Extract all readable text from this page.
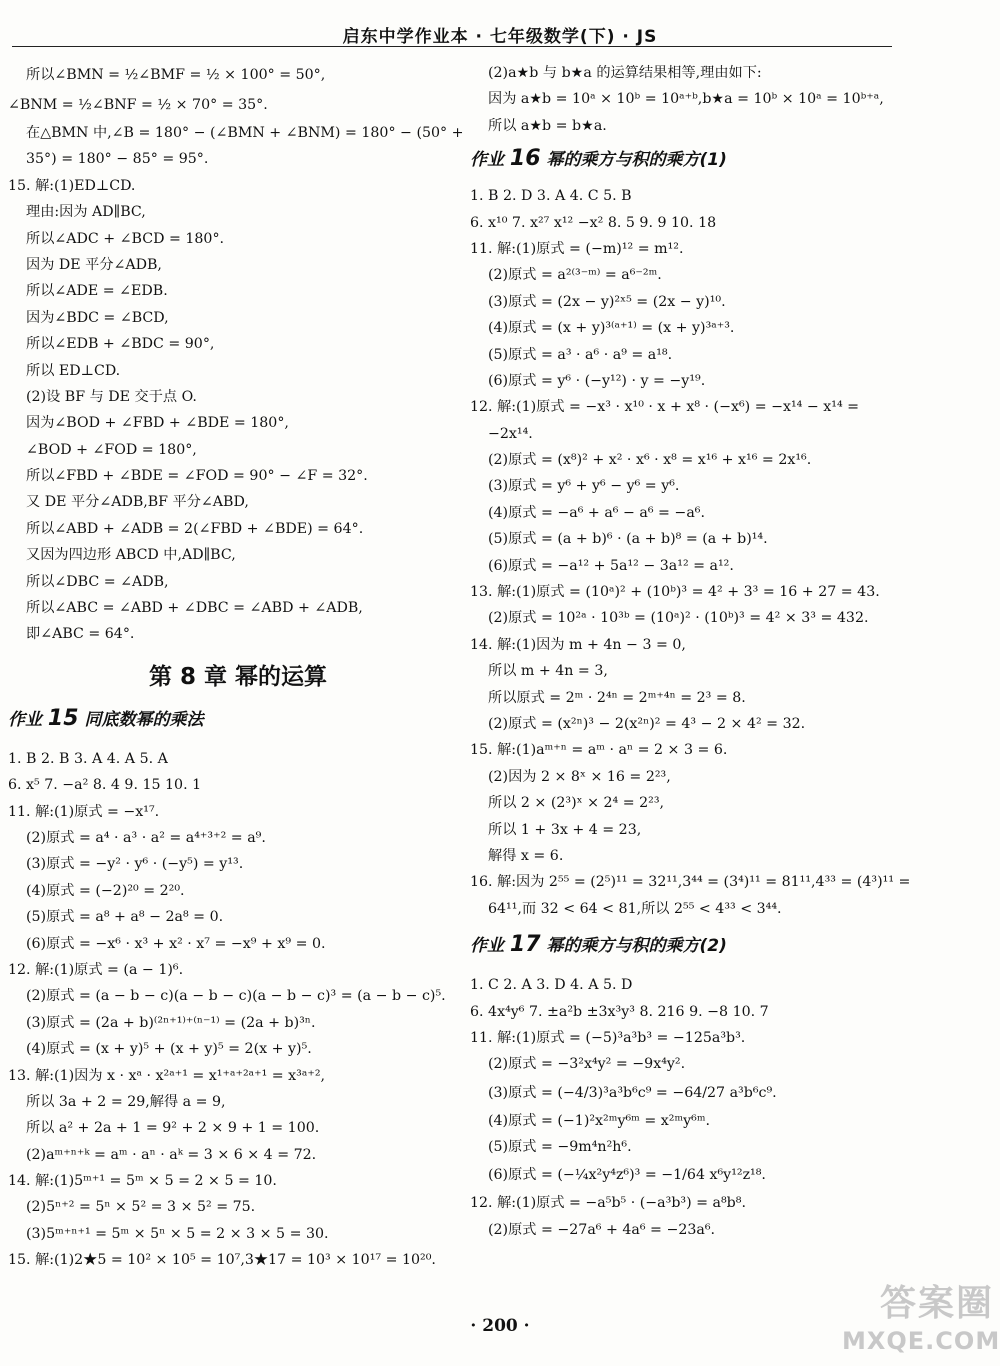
启东中学作业本 · 七年级数学(下) · JS
所以∠BMN = ½∠BMF = ½ × 100° = 50°,
∠BNM = ½∠BNF = ½ × 70° = 35°.
在△BMN 中,∠B = 180° − (∠BMN + ∠BNM) = 180° − (50° +
35°) = 180° − 85° = 95°.
15. 解:(1)ED⊥CD.
理由:因为 AD∥BC,
所以∠ADC + ∠BCD = 180°.
因为 DE 平分∠ADB,
所以∠ADE = ∠EDB.
因为∠BDC = ∠BCD,
所以∠EDB + ∠BDC = 90°,
所以 ED⊥CD.
(2)设 BF 与 DE 交于点 O.
因为∠BOD + ∠FBD + ∠BDE = 180°,
∠BOD + ∠FOD = 180°,
所以∠FBD + ∠BDE = ∠FOD = 90° − ∠F = 32°.
又 DE 平分∠ADB,BF 平分∠ABD,
所以∠ABD + ∠ADB = 2(∠FBD + ∠BDE) = 64°.
又因为四边形 ABCD 中,AD∥BC,
所以∠DBC = ∠ADB,
所以∠ABC = ∠ABD + ∠DBC = ∠ABD + ∠ADB,
即∠ABC = 64°.
第 8 章 幂的运算
作业 15 同底数幂的乘法
1. B 2. B 3. A 4. A 5. A
6. x⁵ 7. −a² 8. 4 9. 15 10. 1
11. 解:(1)原式 = −x¹⁷.
(2)原式 = a⁴ · a³ · a² = a⁴⁺³⁺² = a⁹.
(3)原式 = −y² · y⁶ · (−y⁵) = y¹³.
(4)原式 = (−2)²⁰ = 2²⁰.
(5)原式 = a⁸ + a⁸ − 2a⁸ = 0.
(6)原式 = −x⁶ · x³ + x² · x⁷ = −x⁹ + x⁹ = 0.
12. 解:(1)原式 = (a − 1)⁶.
(2)原式 = (a − b − c)(a − b − c)(a − b − c)³ = (a − b − c)⁵.
(3)原式 = (2a + b)⁽²ⁿ⁺¹⁾⁺⁽ⁿ⁻¹⁾ = (2a + b)³ⁿ.
(4)原式 = (x + y)⁵ + (x + y)⁵ = 2(x + y)⁵.
13. 解:(1)因为 x · xᵃ · x²ᵃ⁺¹ = x¹⁺ᵃ⁺²ᵃ⁺¹ = x³ᵃ⁺²,
所以 3a + 2 = 29,解得 a = 9,
所以 a² + 2a + 1 = 9² + 2 × 9 + 1 = 100.
(2)aᵐ⁺ⁿ⁺ᵏ = aᵐ · aⁿ · aᵏ = 3 × 6 × 4 = 72.
14. 解:(1)5ᵐ⁺¹ = 5ᵐ × 5 = 2 × 5 = 10.
(2)5ⁿ⁺² = 5ⁿ × 5² = 3 × 5² = 75.
(3)5ᵐ⁺ⁿ⁺¹ = 5ᵐ × 5ⁿ × 5 = 2 × 3 × 5 = 30.
15. 解:(1)2★5 = 10² × 10⁵ = 10⁷,3★17 = 10³ × 10¹⁷ = 10²⁰.
(2)a★b 与 b★a 的运算结果相等,理由如下:
因为 a★b = 10ᵃ × 10ᵇ = 10ᵃ⁺ᵇ,b★a = 10ᵇ × 10ᵃ = 10ᵇ⁺ᵃ,
所以 a★b = b★a.
作业 16 幂的乘方与积的乘方(1)
1. B 2. D 3. A 4. C 5. B
6. x¹⁰ 7. x²⁷ x¹² −x² 8. 5 9. 9 10. 18
11. 解:(1)原式 = (−m)¹² = m¹².
(2)原式 = a²⁽³⁻ᵐ⁾ = a⁶⁻²ᵐ.
(3)原式 = (2x − y)²ˣ⁵ = (2x − y)¹⁰.
(4)原式 = (x + y)³⁽ᵃ⁺¹⁾ = (x + y)³ᵃ⁺³.
(5)原式 = a³ · a⁶ · a⁹ = a¹⁸.
(6)原式 = y⁶ · (−y¹²) · y = −y¹⁹.
12. 解:(1)原式 = −x³ · x¹⁰ · x + x⁸ · (−x⁶) = −x¹⁴ − x¹⁴ =
−2x¹⁴.
(2)原式 = (x⁸)² + x² · x⁶ · x⁸ = x¹⁶ + x¹⁶ = 2x¹⁶.
(3)原式 = y⁶ + y⁶ − y⁶ = y⁶.
(4)原式 = −a⁶ + a⁶ − a⁶ = −a⁶.
(5)原式 = (a + b)⁶ · (a + b)⁸ = (a + b)¹⁴.
(6)原式 = −a¹² + 5a¹² − 3a¹² = a¹².
13. 解:(1)原式 = (10ᵃ)² + (10ᵇ)³ = 4² + 3³ = 16 + 27 = 43.
(2)原式 = 10²ᵃ · 10³ᵇ = (10ᵃ)² · (10ᵇ)³ = 4² × 3³ = 432.
14. 解:(1)因为 m + 4n − 3 = 0,
所以 m + 4n = 3,
所以原式 = 2ᵐ · 2⁴ⁿ = 2ᵐ⁺⁴ⁿ = 2³ = 8.
(2)原式 = (x²ⁿ)³ − 2(x²ⁿ)² = 4³ − 2 × 4² = 32.
15. 解:(1)aᵐ⁺ⁿ = aᵐ · aⁿ = 2 × 3 = 6.
(2)因为 2 × 8ˣ × 16 = 2²³,
所以 2 × (2³)ˣ × 2⁴ = 2²³,
所以 1 + 3x + 4 = 23,
解得 x = 6.
16. 解:因为 2⁵⁵ = (2⁵)¹¹ = 32¹¹,3⁴⁴ = (3⁴)¹¹ = 81¹¹,4³³ = (4³)¹¹ =
64¹¹,而 32 < 64 < 81,所以 2⁵⁵ < 4³³ < 3⁴⁴.
作业 17 幂的乘方与积的乘方(2)
1. C 2. A 3. D 4. A 5. D
6. 4x⁴y⁶ 7. ±a²b ±3x³y³ 8. 216 9. −8 10. 7
11. 解:(1)原式 = (−5)³a³b³ = −125a³b³.
(2)原式 = −3²x⁴y² = −9x⁴y².
(3)原式 = (−4/3)³a³b⁶c⁹ = −64/27 a³b⁶c⁹.
(4)原式 = (−1)²x²ᵐy⁶ᵐ = x²ᵐy⁶ᵐ.
(5)原式 = −9m⁴n²h⁶.
(6)原式 = (−¼x²y⁴z⁶)³ = −1/64 x⁶y¹²z¹⁸.
12. 解:(1)原式 = −a⁵b⁵ · (−a³b³) = a⁸b⁸.
(2)原式 = −27a⁶ + 4a⁶ = −23a⁶.
· 200 ·
答案圈
MXQE.COM
